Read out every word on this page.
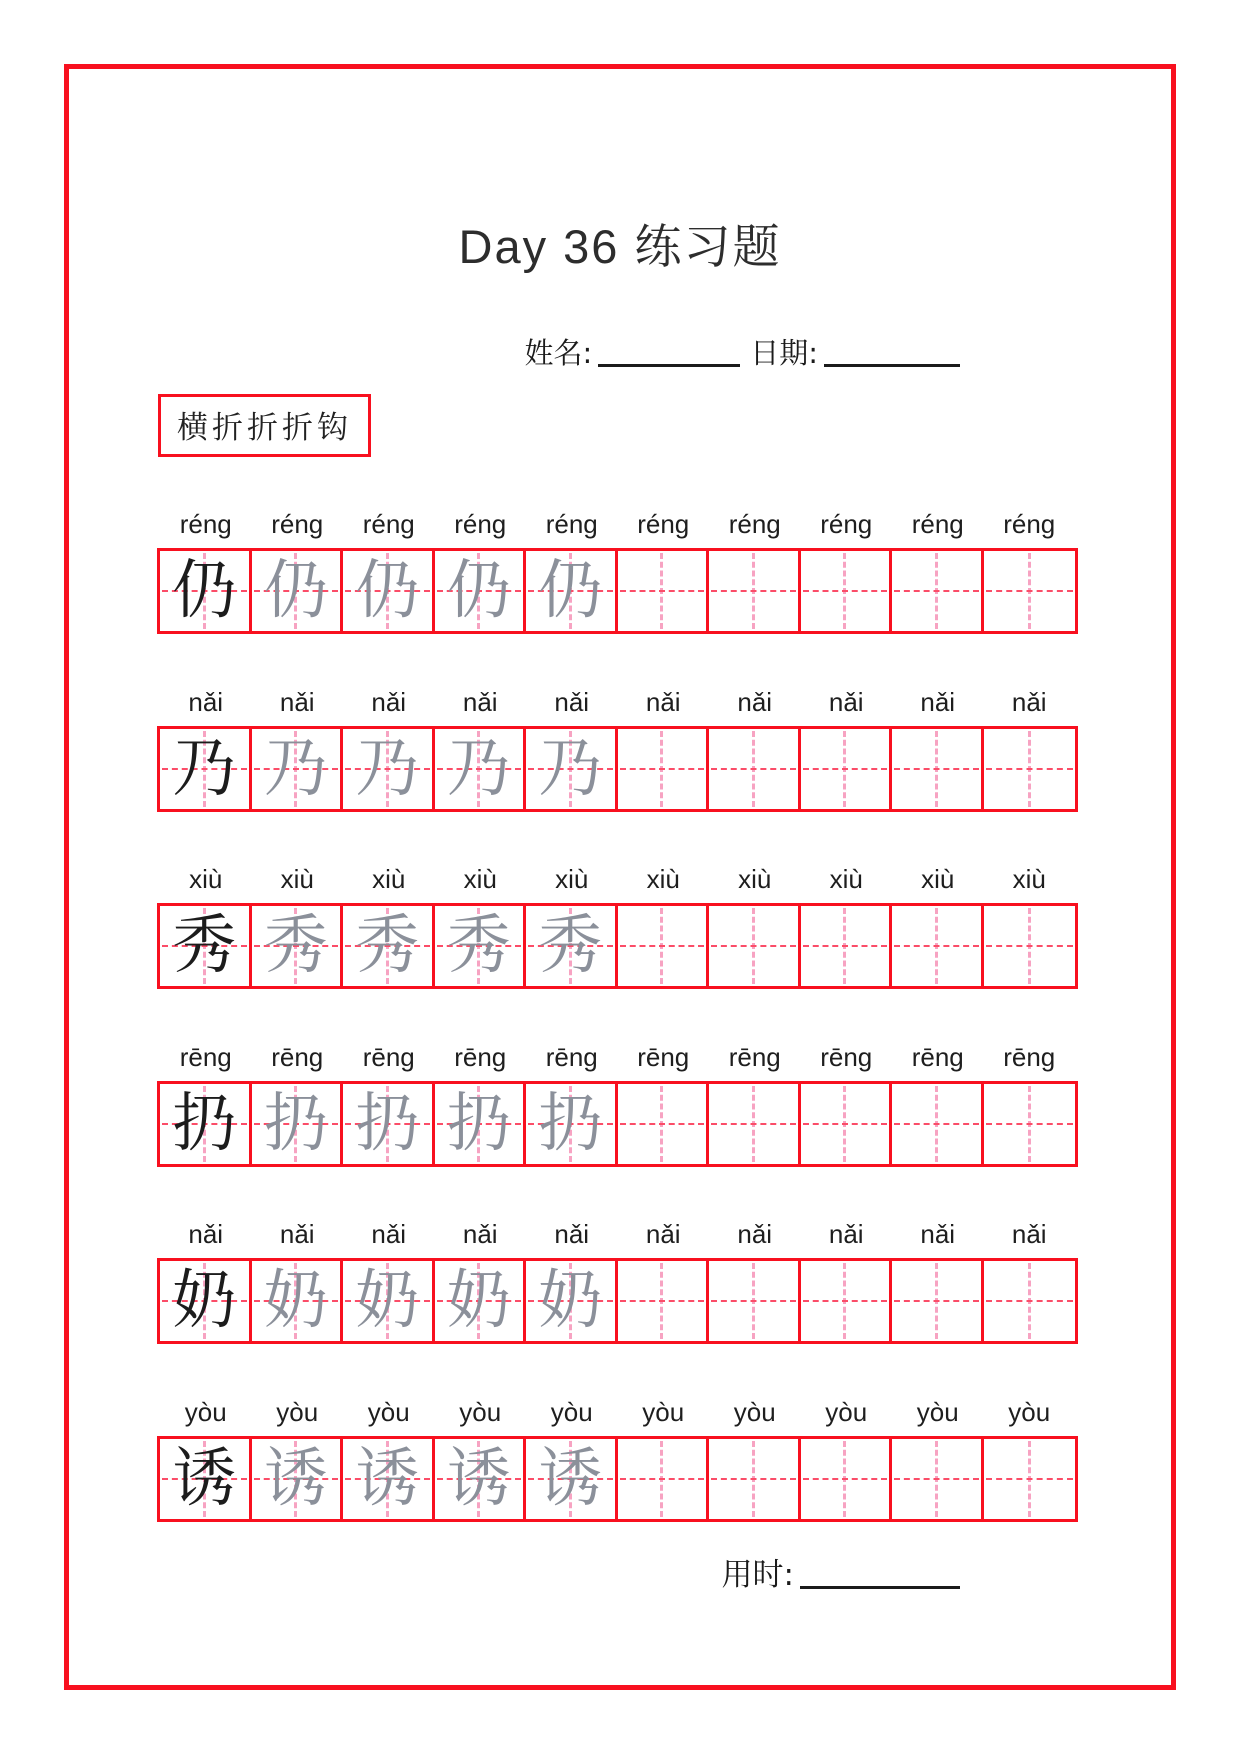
Day 36 练习题
姓名:	日期:
横折折折钩
réng	réng	réng	réng	réng	réng	réng	réng	réng	réng
仍 仍 仍 仍 仍
nǎi	nǎi	nǎi	nǎi	nǎi	nǎi	nǎi	nǎi	nǎi	nǎi
乃 乃 乃 乃 乃
xiù	xiù	xiù	xiù	xiù	xiù	xiù	xiù	xiù	xiù
秀 秀 秀 秀 秀
rēng	rēng	rēng	rēng	rēng	rēng	rēng	rēng	rēng	rēng
扔 扔 扔 扔 扔
nǎi	nǎi	nǎi	nǎi	nǎi	nǎi	nǎi	nǎi	nǎi	nǎi
奶 奶 奶 奶 奶
yòu	yòu	yòu	yòu	yòu	yòu	yòu	yòu	yòu	yòu
诱 诱 诱 诱 诱
用时:
